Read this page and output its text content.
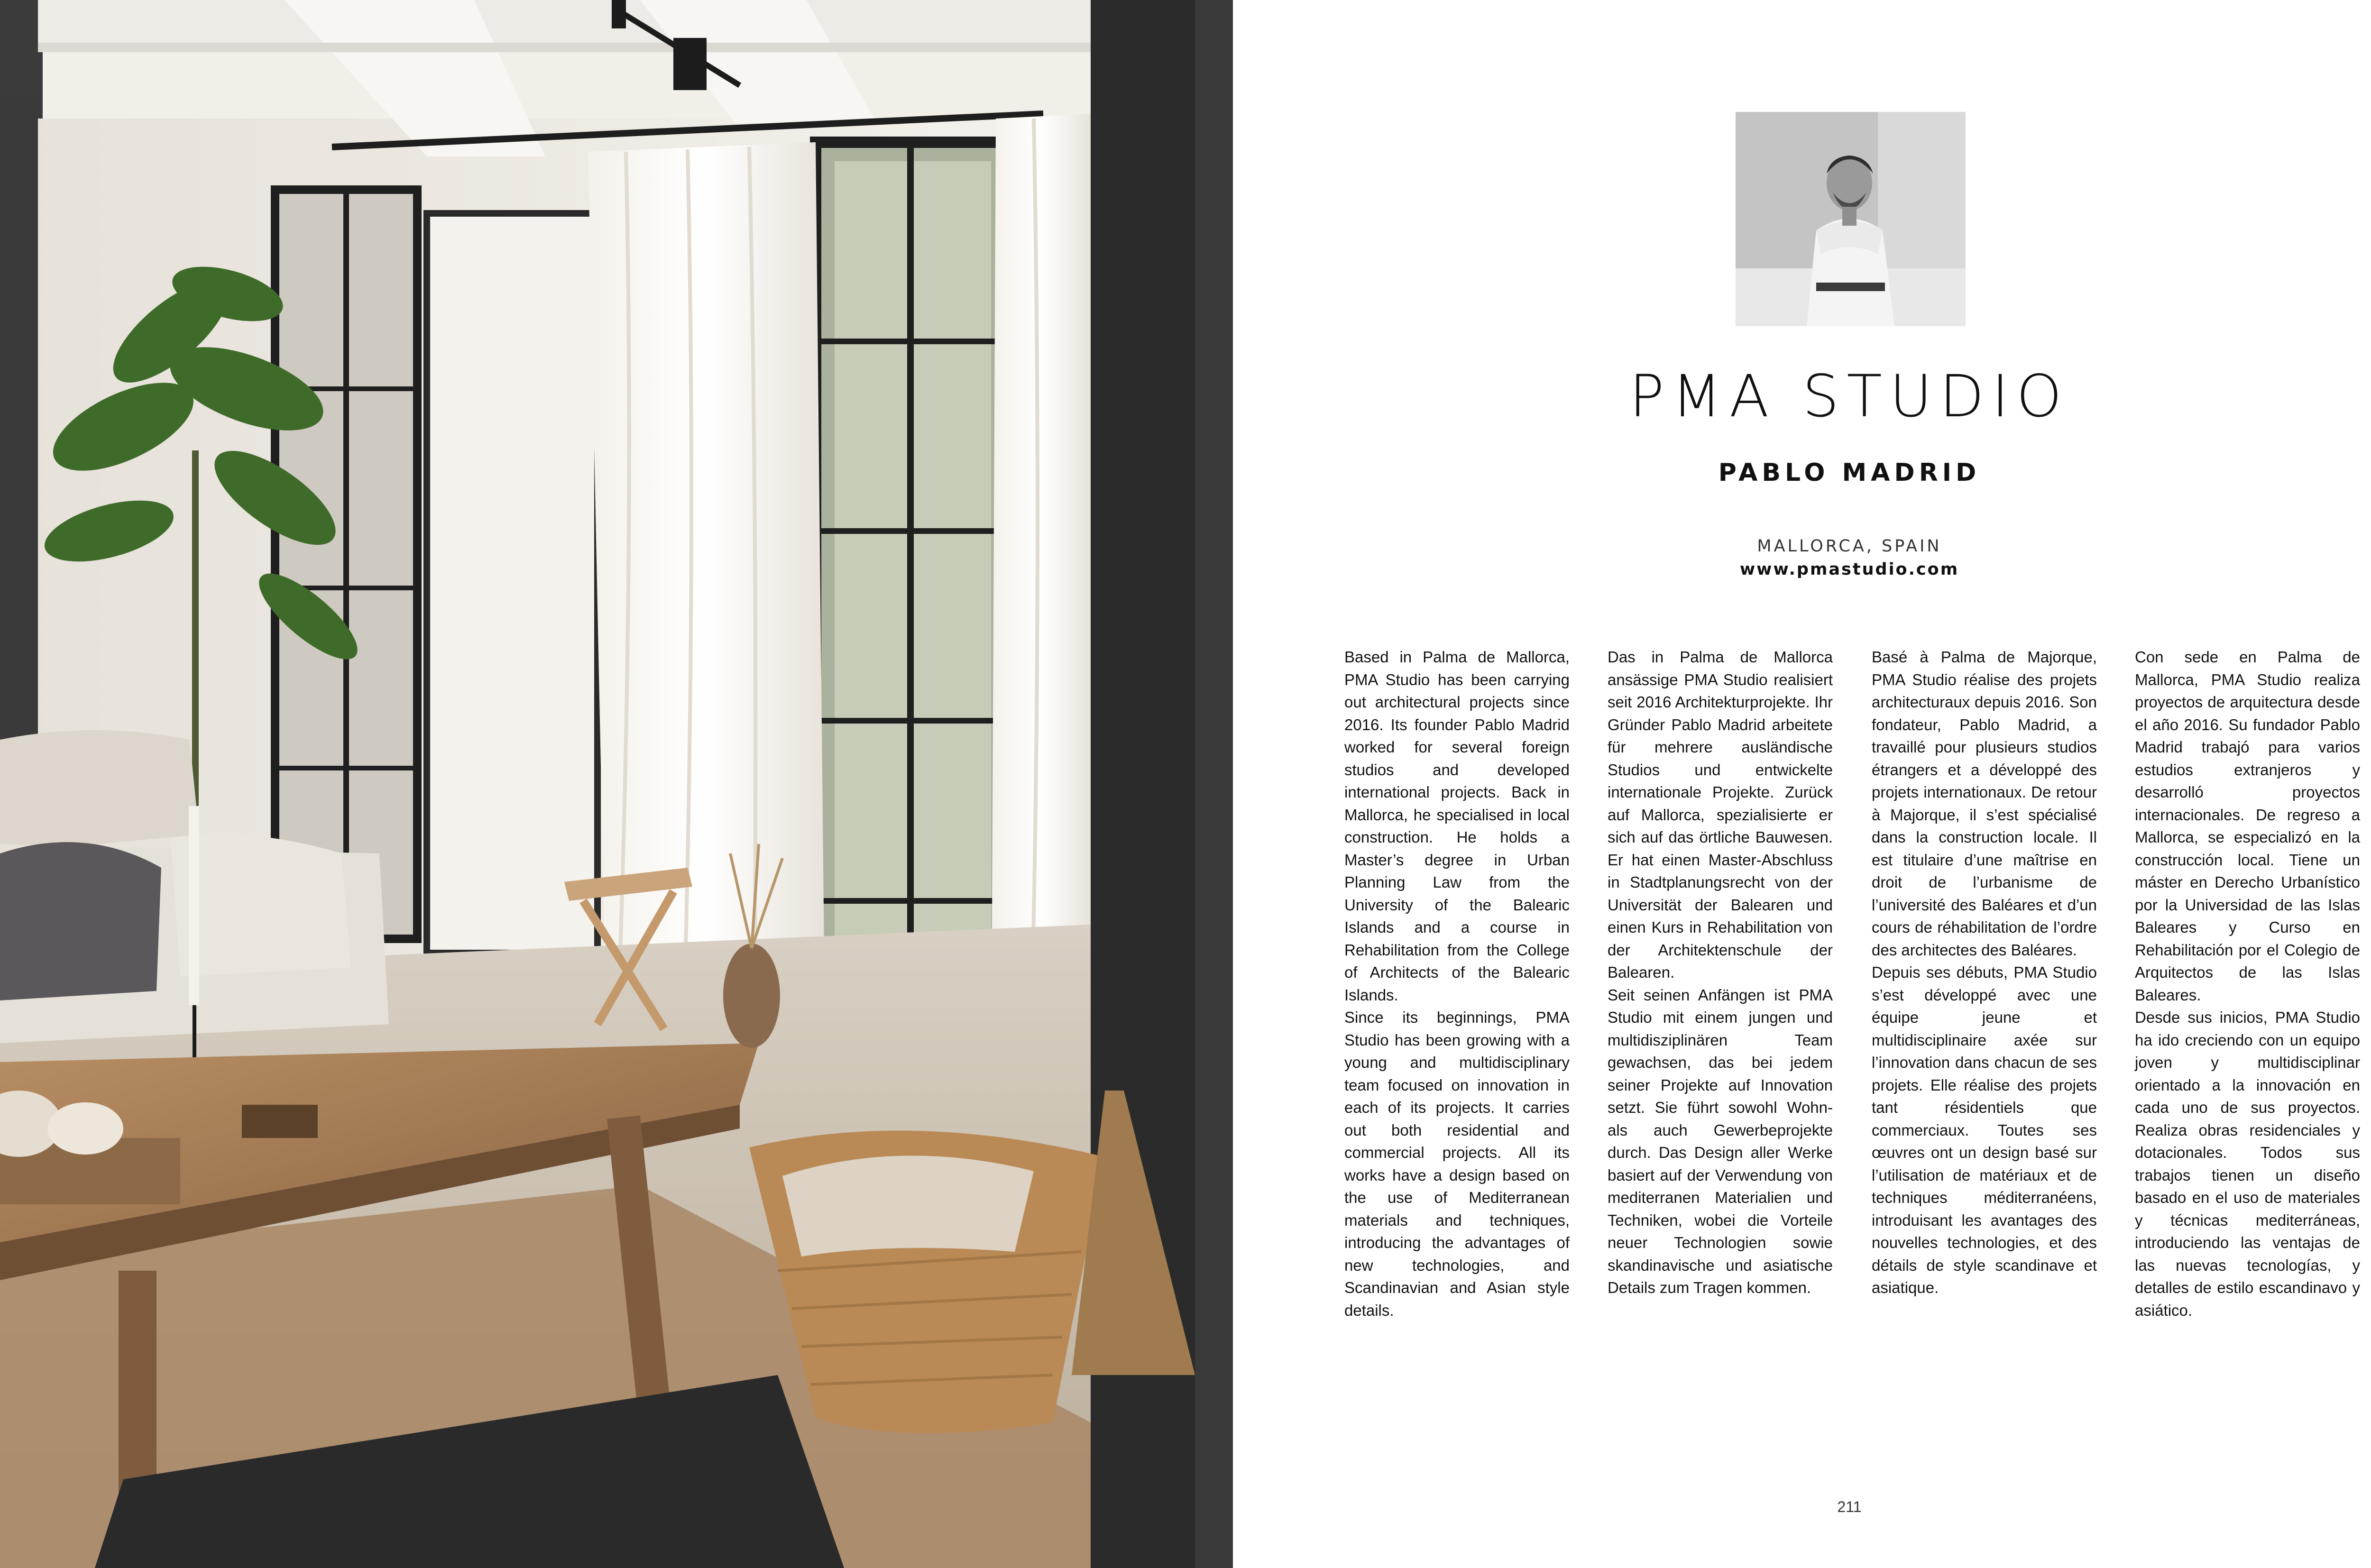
PMA STUDIO
PABLO MADRID
MALLORCA, SPAIN
www.pmastudio.com
Based in Palma de Mallorca, PMA Studio has been carrying out architectural projects since 2016. Its founder Pablo Madrid worked for several foreign studios and developed international projects. Back in Mallorca, he specialised in local construction. He holds a Master’s degree in Urban Planning Law from the University of the Balearic Islands and a course in Rehabilitation from the College of Architects of the Balearic Islands.
Since its beginnings, PMA Studio has been growing with a young and multidisciplinary team focused on innovation in each of its projects. It carries out both residential and commercial projects. All its works have a design based on the use of Mediterranean materials and techniques, introducing the advantages of new technologies, and Scandinavian and Asian style details.
Das in Palma de Mallorca ansässige PMA Studio realisiert seit 2016 Architekturprojekte. Ihr Gründer Pablo Madrid arbeitete für mehrere ausländische Studios und entwickelte internationale Projekte. Zurück auf Mallorca, spezialisierte er sich auf das örtliche Bauwesen. Er hat einen Master-Abschluss in Stadtplanungsrecht von der Universität der Balearen und einen Kurs in Rehabilitation von der Architektenschule der Balearen.
Seit seinen Anfängen ist PMA Studio mit einem jungen und multidisziplinären Team gewachsen, das bei jedem seiner Projekte auf Innovation setzt. Sie führt sowohl Wohn- als auch Gewerbeprojekte durch. Das Design aller Werke basiert auf der Verwendung von mediterranen Materialien und Techniken, wobei die Vorteile neuer Technologien sowie skandinavische und asiatische Details zum Tragen kommen.
Basé à Palma de Majorque, PMA Studio réalise des projets architecturaux depuis 2016. Son fondateur, Pablo Madrid, a travaillé pour plusieurs studios étrangers et a développé des projets internationaux. De retour à Majorque, il s’est spécialisé dans la construction locale. Il est titulaire d’une maîtrise en droit de l’urbanisme de l’université des Baléares et d’un cours de réhabilitation de l’ordre des architectes des Baléares.
Depuis ses débuts, PMA Studio s’est développé avec une équipe jeune et multidisciplinaire axée sur l’innovation dans chacun de ses projets. Elle réalise des projets tant résidentiels que commerciaux. Toutes ses œuvres ont un design basé sur l’utilisation de matériaux et de techniques méditerranéens, introduisant les avantages des nouvelles technologies, et des détails de style scandinave et asiatique.
Con sede en Palma de Mallorca, PMA Studio realiza proyectos de arquitectura desde el año 2016. Su fundador Pablo Madrid trabajó para varios estudios extranjeros y desarrolló proyectos internacionales. De regreso a Mallorca, se especializó en la construcción local. Tiene un máster en Derecho Urbanístico por la Universidad de las Islas Baleares y Curso en Rehabilitación por el Colegio de Arquitectos de las Islas Baleares.
Desde sus inicios, PMA Studio ha ido creciendo con un equipo joven y multidisciplinar orientado a la innovación en cada uno de sus proyectos. Realiza obras residenciales y dotacionales. Todos sus trabajos tienen un diseño basado en el uso de materiales y técnicas mediterráneas, introduciendo las ventajas de las nuevas tecnologías, y detalles de estilo escandinavo y asiático.
211
